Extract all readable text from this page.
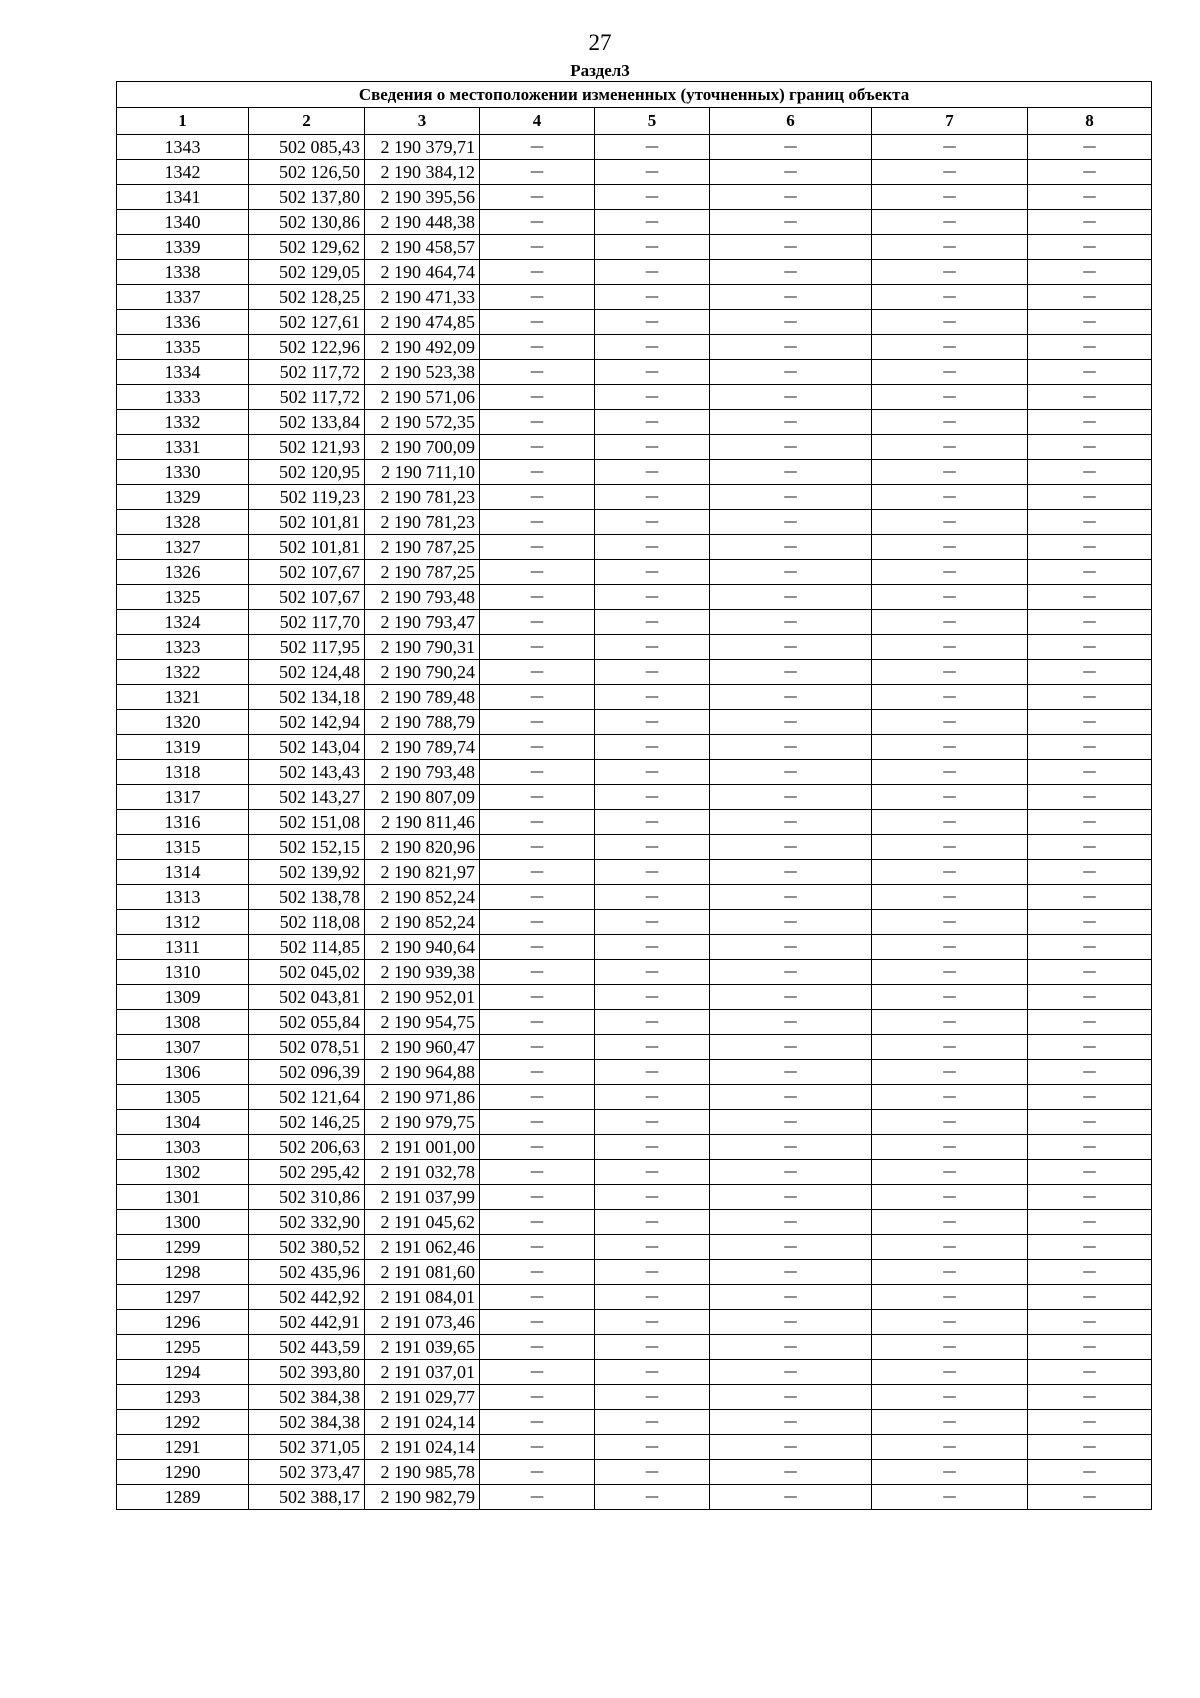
27
Раздел3
Сведения о местоположении измененных (уточненных) границ объекта							
1	2	3	4	5	6	7	8
1343	502 085,43	2 190 379,71	—	—	—	—	—
1342	502 126,50	2 190 384,12	—	—	—	—	—
1341	502 137,80	2 190 395,56	—	—	—	—	—
1340	502 130,86	2 190 448,38	—	—	—	—	—
1339	502 129,62	2 190 458,57	—	—	—	—	—
1338	502 129,05	2 190 464,74	—	—	—	—	—
1337	502 128,25	2 190 471,33	—	—	—	—	—
1336	502 127,61	2 190 474,85	—	—	—	—	—
1335	502 122,96	2 190 492,09	—	—	—	—	—
1334	502 117,72	2 190 523,38	—	—	—	—	—
1333	502 117,72	2 190 571,06	—	—	—	—	—
1332	502 133,84	2 190 572,35	—	—	—	—	—
1331	502 121,93	2 190 700,09	—	—	—	—	—
1330	502 120,95	2 190 711,10	—	—	—	—	—
1329	502 119,23	2 190 781,23	—	—	—	—	—
1328	502 101,81	2 190 781,23	—	—	—	—	—
1327	502 101,81	2 190 787,25	—	—	—	—	—
1326	502 107,67	2 190 787,25	—	—	—	—	—
1325	502 107,67	2 190 793,48	—	—	—	—	—
1324	502 117,70	2 190 793,47	—	—	—	—	—
1323	502 117,95	2 190 790,31	—	—	—	—	—
1322	502 124,48	2 190 790,24	—	—	—	—	—
1321	502 134,18	2 190 789,48	—	—	—	—	—
1320	502 142,94	2 190 788,79	—	—	—	—	—
1319	502 143,04	2 190 789,74	—	—	—	—	—
1318	502 143,43	2 190 793,48	—	—	—	—	—
1317	502 143,27	2 190 807,09	—	—	—	—	—
1316	502 151,08	2 190 811,46	—	—	—	—	—
1315	502 152,15	2 190 820,96	—	—	—	—	—
1314	502 139,92	2 190 821,97	—	—	—	—	—
1313	502 138,78	2 190 852,24	—	—	—	—	—
1312	502 118,08	2 190 852,24	—	—	—	—	—
1311	502 114,85	2 190 940,64	—	—	—	—	—
1310	502 045,02	2 190 939,38	—	—	—	—	—
1309	502 043,81	2 190 952,01	—	—	—	—	—
1308	502 055,84	2 190 954,75	—	—	—	—	—
1307	502 078,51	2 190 960,47	—	—	—	—	—
1306	502 096,39	2 190 964,88	—	—	—	—	—
1305	502 121,64	2 190 971,86	—	—	—	—	—
1304	502 146,25	2 190 979,75	—	—	—	—	—
1303	502 206,63	2 191 001,00	—	—	—	—	—
1302	502 295,42	2 191 032,78	—	—	—	—	—
1301	502 310,86	2 191 037,99	—	—	—	—	—
1300	502 332,90	2 191 045,62	—	—	—	—	—
1299	502 380,52	2 191 062,46	—	—	—	—	—
1298	502 435,96	2 191 081,60	—	—	—	—	—
1297	502 442,92	2 191 084,01	—	—	—	—	—
1296	502 442,91	2 191 073,46	—	—	—	—	—
1295	502 443,59	2 191 039,65	—	—	—	—	—
1294	502 393,80	2 191 037,01	—	—	—	—	—
1293	502 384,38	2 191 029,77	—	—	—	—	—
1292	502 384,38	2 191 024,14	—	—	—	—	—
1291	502 371,05	2 191 024,14	—	—	—	—	—
1290	502 373,47	2 190 985,78	—	—	—	—	—
1289	502 388,17	2 190 982,79	—	—	—	—	—
